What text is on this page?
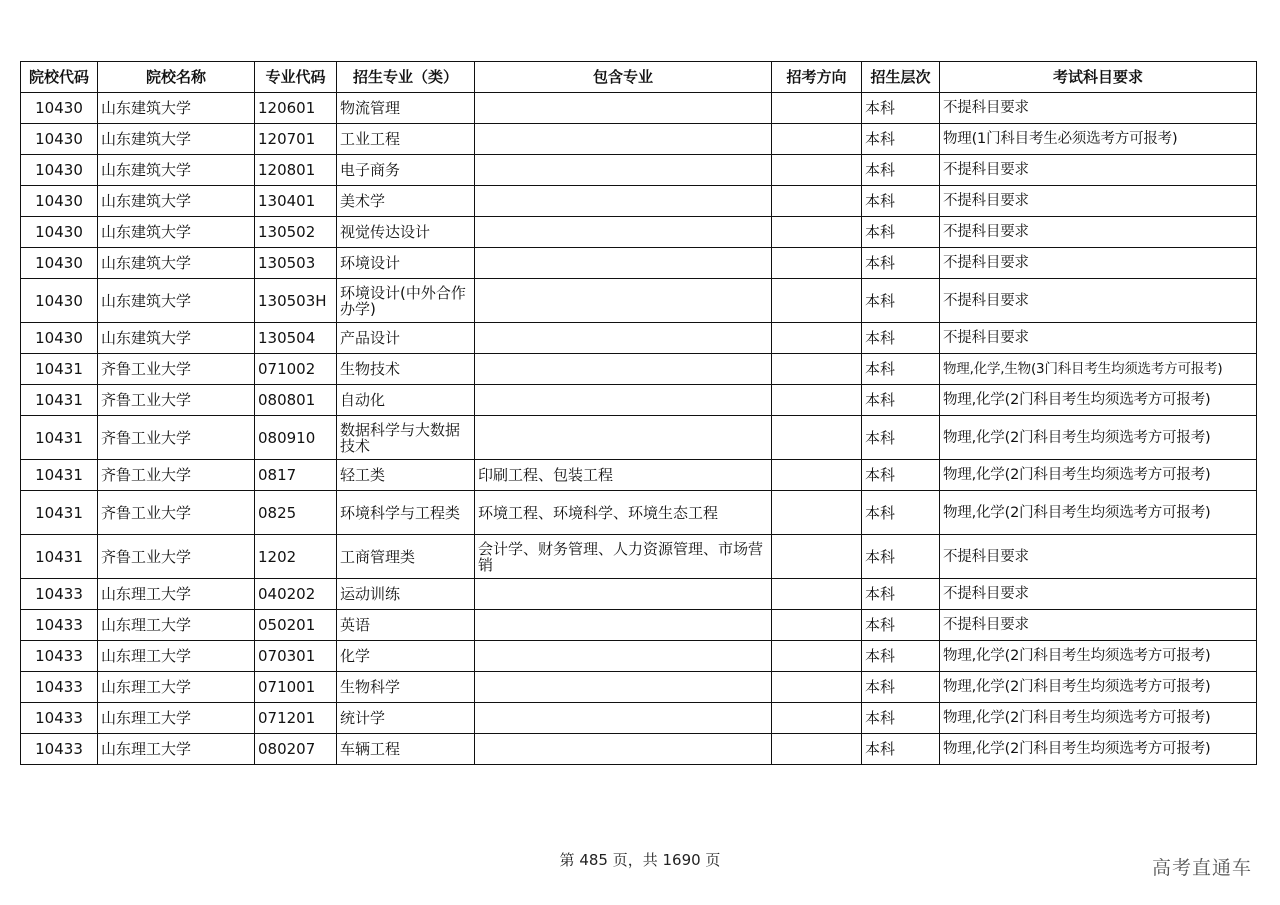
院校代码	院校名称	专业代码	招生专业（类）	包含专业	招考方向	招生层次	考试科目要求
10430	山东建筑大学	120601	物流管理			本科	不提科目要求
10430	山东建筑大学	120701	工业工程			本科	物理(1门科目考生必须选考方可报考)
10430	山东建筑大学	120801	电子商务			本科	不提科目要求
10430	山东建筑大学	130401	美术学			本科	不提科目要求
10430	山东建筑大学	130502	视觉传达设计			本科	不提科目要求
10430	山东建筑大学	130503	环境设计			本科	不提科目要求
10430	山东建筑大学	130503H	环境设计(中外合作办学)			本科	不提科目要求
10430	山东建筑大学	130504	产品设计			本科	不提科目要求
10431	齐鲁工业大学	071002	生物技术			本科	物理,化学,生物(3门科目考生均须选考方可报考)
10431	齐鲁工业大学	080801	自动化			本科	物理,化学(2门科目考生均须选考方可报考)
10431	齐鲁工业大学	080910	数据科学与大数据技术			本科	物理,化学(2门科目考生均须选考方可报考)
10431	齐鲁工业大学	0817	轻工类	印刷工程、包装工程		本科	物理,化学(2门科目考生均须选考方可报考)
10431	齐鲁工业大学	0825	环境科学与工程类	环境工程、环境科学、环境生态工程		本科	物理,化学(2门科目考生均须选考方可报考)
10431	齐鲁工业大学	1202	工商管理类	会计学、财务管理、人力资源管理、市场营销		本科	不提科目要求
10433	山东理工大学	040202	运动训练			本科	不提科目要求
10433	山东理工大学	050201	英语			本科	不提科目要求
10433	山东理工大学	070301	化学			本科	物理,化学(2门科目考生均须选考方可报考)
10433	山东理工大学	071001	生物科学			本科	物理,化学(2门科目考生均须选考方可报考)
10433	山东理工大学	071201	统计学			本科	物理,化学(2门科目考生均须选考方可报考)
10433	山东理工大学	080207	车辆工程			本科	物理,化学(2门科目考生均须选考方可报考)
第 485 页，共 1690 页	高考直通车
